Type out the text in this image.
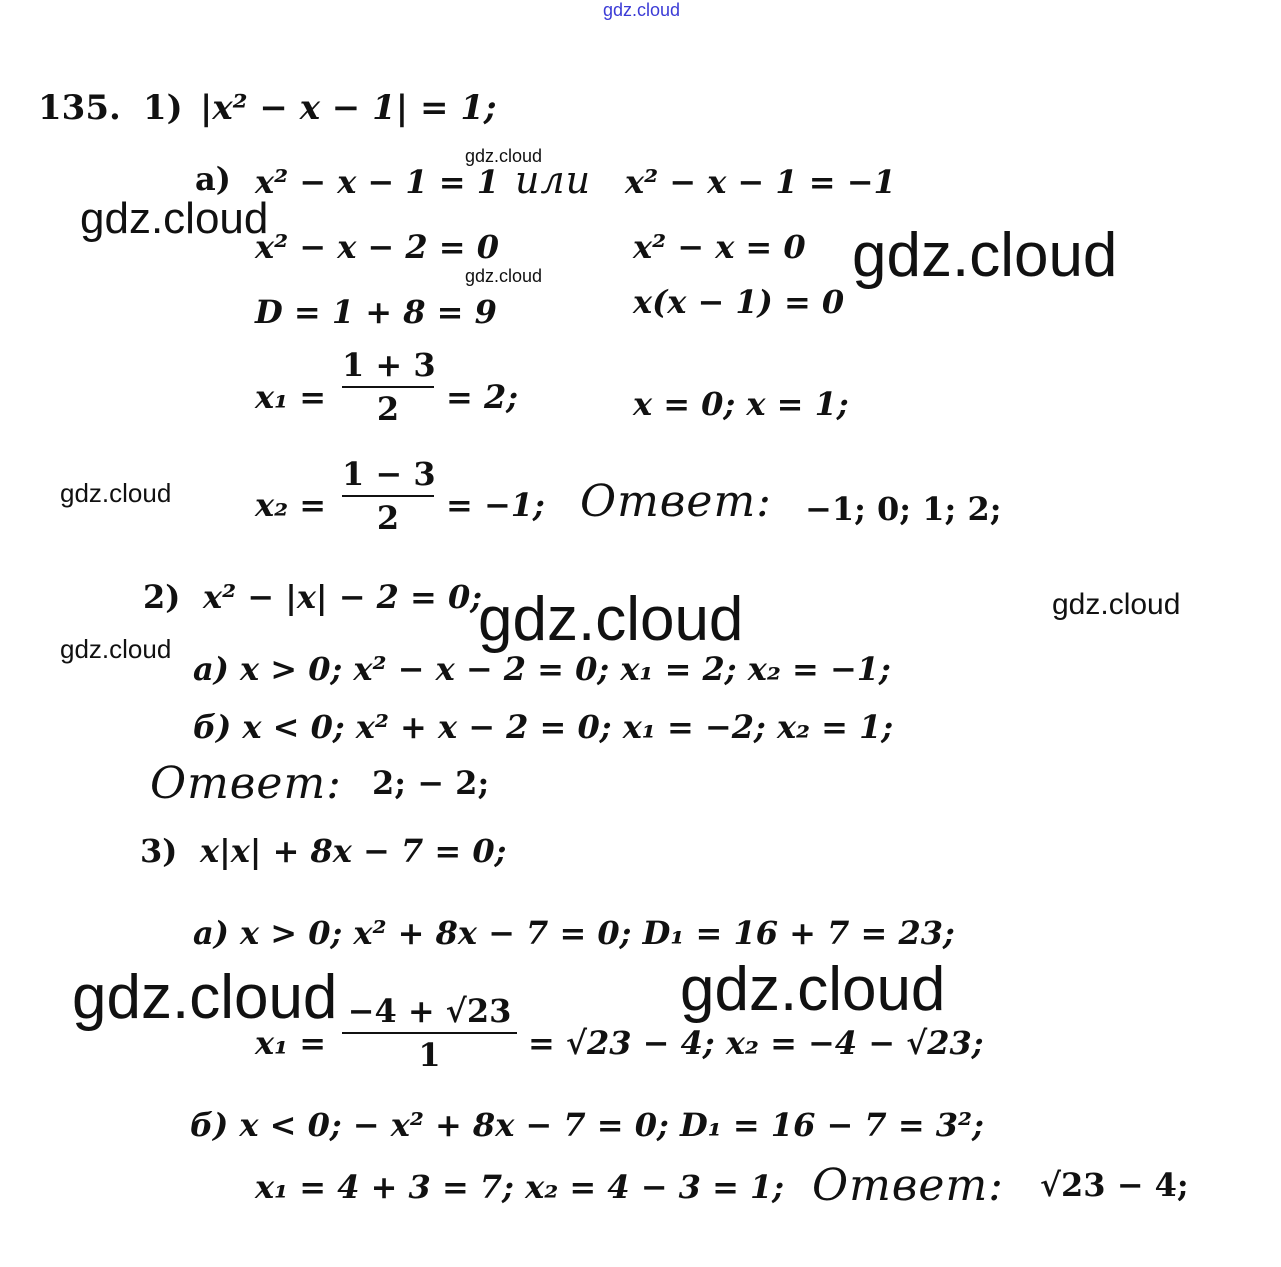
gdz.cloud
gdz.cloud
gdz.cloud
gdz.cloud
gdz.cloud
gdz.cloud
gdz.cloud	gdz.cloud
gdz.cloud
gdz.cloud	gdz.cloud
135. 1) |x² − x − 1| = 1;
а) x² − x − 1 = 1 или x² − x − 1 = −1
x² − x − 2 = 0	x² − x = 0
D = 1 + 8 = 9	x(x − 1) = 0
x₁ =
1 + 3
2	= 2;	x = 0; x = 1;
x₂ =
1 − 3
2	= −1; Ответ: −1; 0; 1; 2;
2) x² − |x| − 2 = 0;
а) x > 0; x² − x − 2 = 0; x₁ = 2; x₂ = −1;
б) x < 0; x² + x − 2 = 0; x₁ = −2; x₂ = 1;
Ответ: 2; − 2;
3) x|x| + 8x − 7 = 0;
а) x > 0; x² + 8x − 7 = 0; D₁ = 16 + 7 = 23;
x₁ =
−4 + √23
1	= √23 − 4; x₂ = −4 − √23;
б) x < 0; − x² + 8x − 7 = 0; D₁ = 16 − 7 = 3²;
x₁ = 4 + 3 = 7; x₂ = 4 − 3 = 1; Ответ: √23 − 4;
